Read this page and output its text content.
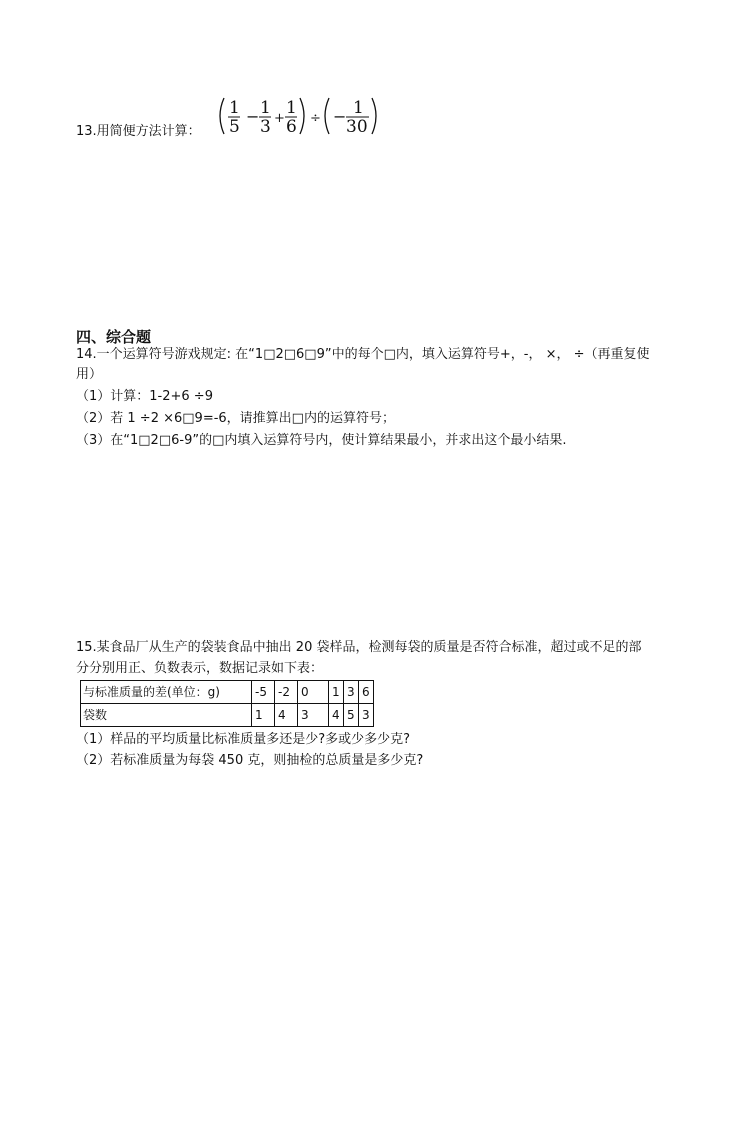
13.用简便方法计算：
1
5
− 1
3 +
1
6 ÷ − 1
30
四、综合题
14.一个运算符号游戏规定: 在“1□2□6□9”中的每个□内，填入运算符号+，-， ×， ÷（再重复使
用）
（1）计算：1-2+6 ÷9
（2）若 1 ÷2 ×6□9=-6，请推算出□内的运算符号；
（3）在“1□2□6-9”的□内填入运算符号内，使计算结果最小，并求出这个最小结果.
15.某食品厂从生产的袋装食品中抽出 20 袋样品，检测每袋的质量是否符合标准，超过或不足的部
分分别用正、负数表示，数据记录如下表：
与标准质量的差(单位：g)	-5	-2	0	1	3	6
袋数	1	4	3	4	5	3
（1）样品的平均质量比标准质量多还是少?多或少多少克?
（2）若标准质量为每袋 450 克，则抽检的总质量是多少克?
